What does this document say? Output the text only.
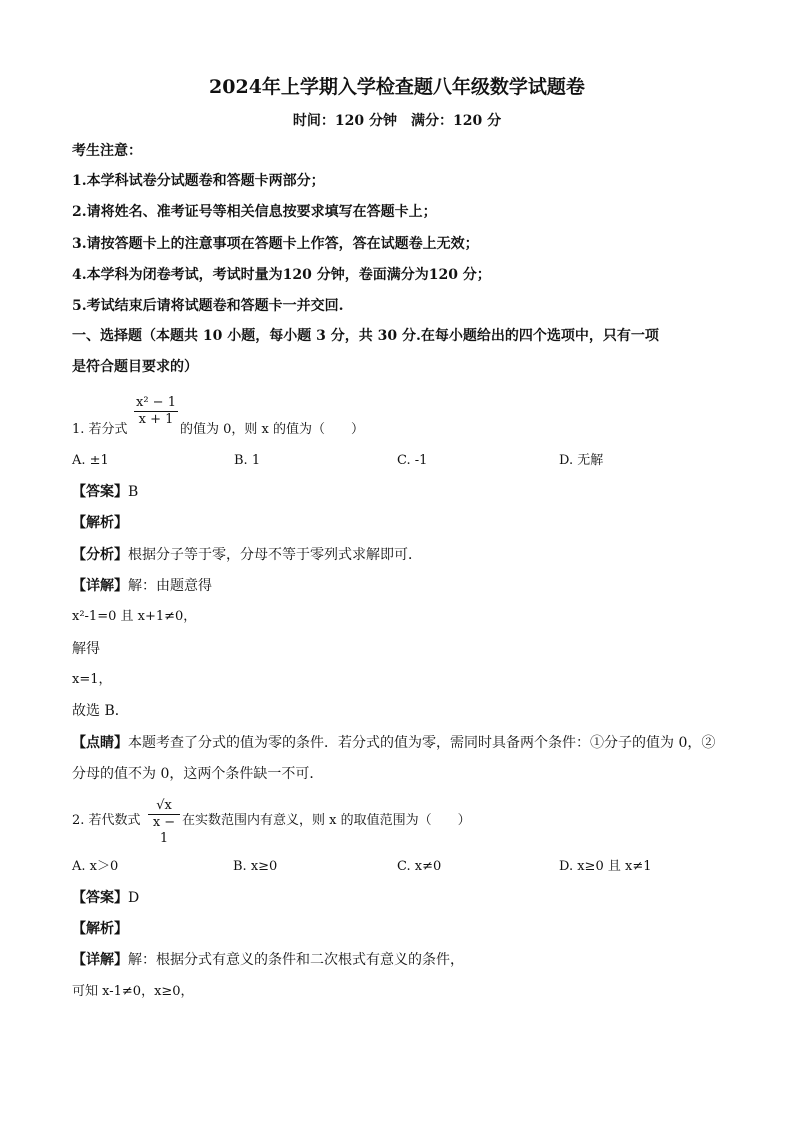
2024年上学期入学检查题八年级数学试题卷
时间：120 分钟　满分：120 分
考生注意：
1.本学科试卷分试题卷和答题卡两部分；
2.请将姓名、准考证号等相关信息按要求填写在答题卡上；
3.请按答题卡上的注意事项在答题卡上作答，答在试题卷上无效；
4.本学科为闭卷考试，考试时量为120 分钟，卷面满分为120 分；
5.考试结束后请将试题卷和答题卡一并交回.
一、选择题（本题共 10 小题，每小题 3 分，共 30 分.在每小题给出的四个选项中，只有一项
是符合题目要求的）
1. 若分式
x² − 1
x + 1
的值为 0，则 x 的值为（　　）
A. ±1	B. 1	C. -1	D. 无解
【答案】B
【解析】
【分析】根据分子等于零，分母不等于零列式求解即可．
【详解】解：由题意得
x²-1=0 且 x+1≠0，
解得
x=1，
故选 B．
【点睛】本题考查了分式的值为零的条件．若分式的值为零，需同时具备两个条件：①分子的值为 0，②
分母的值不为 0，这两个条件缺一不可．
2. 若代数式
√x
x − 1
在实数范围内有意义，则 x 的取值范围为（　　）
A. x＞0	B. x≥0	C. x≠0	D. x≥0 且 x≠1
【答案】D
【解析】
【详解】解：根据分式有意义的条件和二次根式有意义的条件，
可知 x-1≠0，x≥0，
